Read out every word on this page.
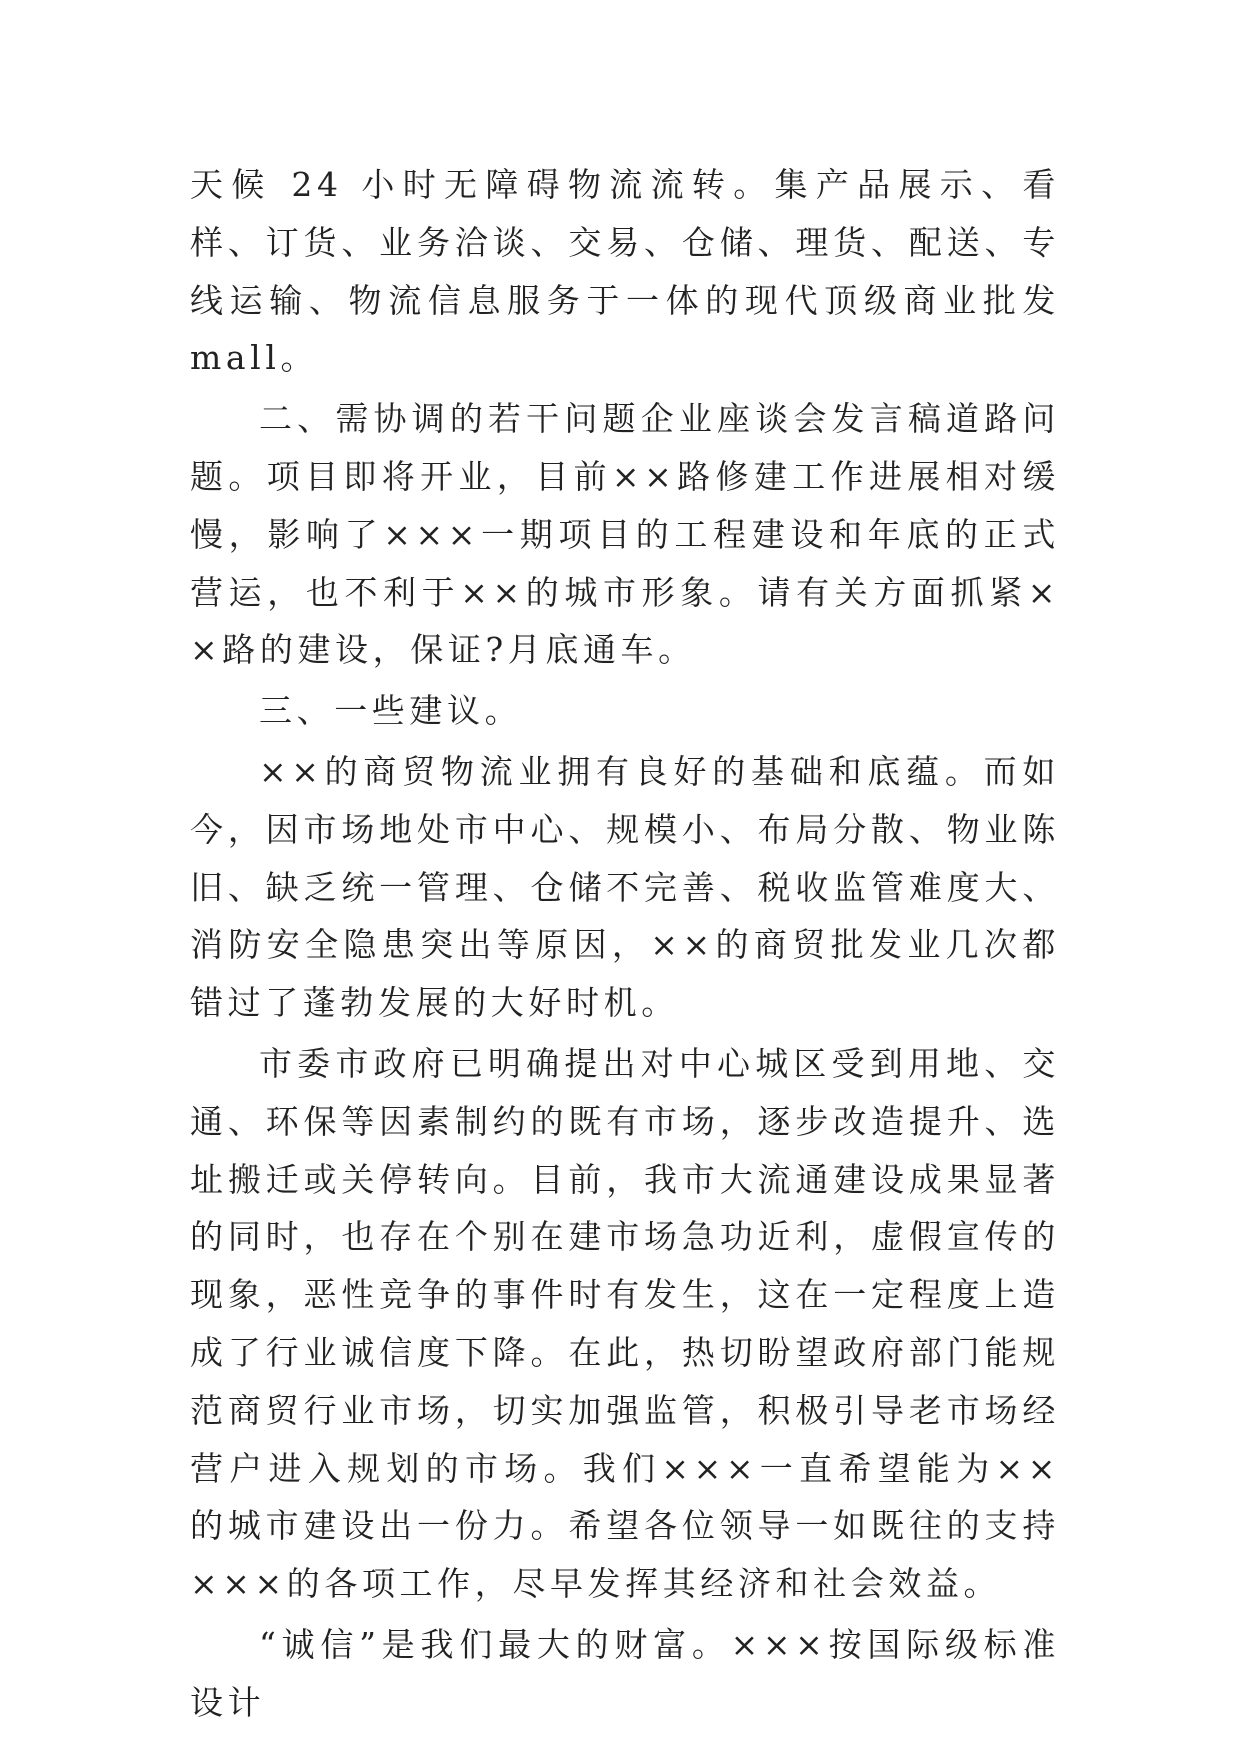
天候 24 小时无障碍物流流转。集产品展示、看样、订货、业务洽谈、交易、仓储、理货、配送、专线运输、物流信息服务于一体的现代顶级商业批发 mall。

二、需协调的若干问题企业座谈会发言稿道路问题。项目即将开业，目前××路修建工作进展相对缓慢，影响了×××一期项目的工程建设和年底的正式营运，也不利于××的城市形象。请有关方面抓紧××路的建设，保证?月底通车。

三、一些建议。

××的商贸物流业拥有良好的基础和底蕴。而如今，因市场地处市中心、规模小、布局分散、物业陈旧、缺乏统一管理、仓储不完善、税收监管难度大、消防安全隐患突出等原因，××的商贸批发业几次都错过了蓬勃发展的大好时机。

市委市政府已明确提出对中心城区受到用地、交通、环保等因素制约的既有市场，逐步改造提升、选址搬迁或关停转向。目前，我市大流通建设成果显著的同时，也存在个别在建市场急功近利，虚假宣传的现象，恶性竞争的事件时有发生，这在一定程度上造成了行业诚信度下降。在此，热切盼望政府部门能规范商贸行业市场，切实加强监管，积极引导老市场经营户进入规划的市场。我们×××一直希望能为××的城市建设出一份力。希望各位领导一如既往的支持×××的各项工作，尽早发挥其经济和社会效益。

“诚信”是我们最大的财富。×××按国际级标准设计
